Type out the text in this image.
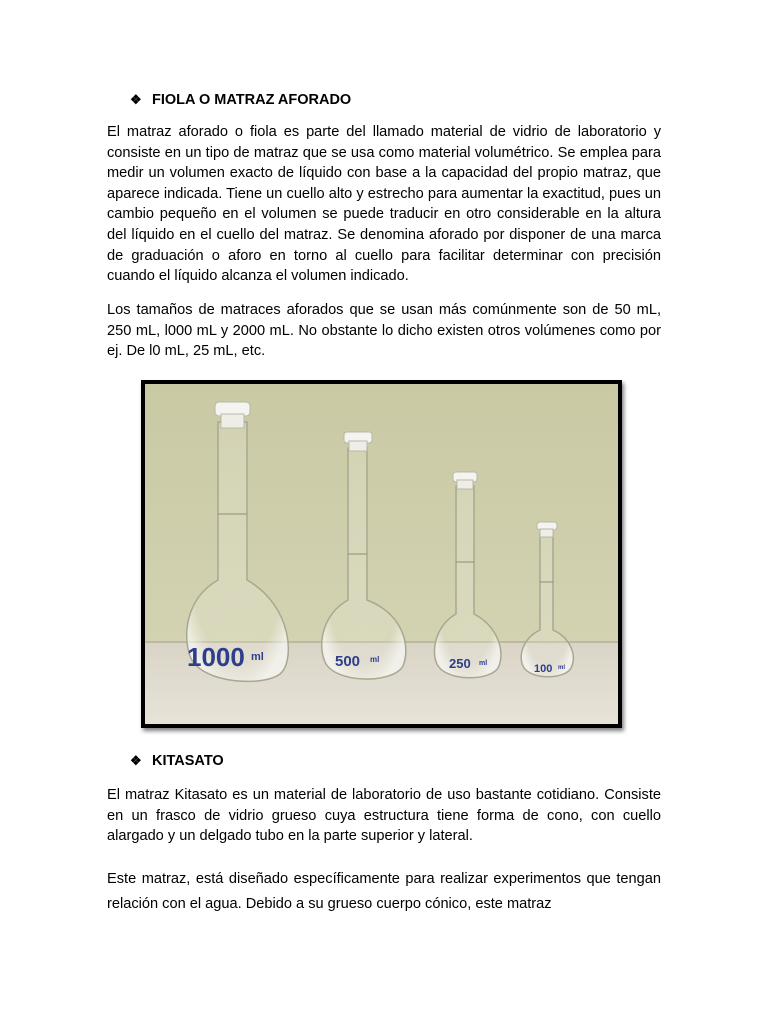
❖ FIOLA O MATRAZ AFORADO

El matraz aforado o fiola es parte del llamado material de vidrio de laboratorio y consiste en un tipo de matraz que se usa como material volumétrico. Se emplea para medir un volumen exacto de líquido con base a la capacidad del propio matraz, que aparece indicada. Tiene un cuello alto y estrecho para aumentar la exactitud, pues un cambio pequeño en el volumen se puede traducir en otro considerable en la altura del líquido en el cuello del matraz. Se denomina aforado por disponer de una marca de graduación o aforo en torno al cuello para facilitar determinar con precisión cuando el líquido alcanza el volumen indicado.

Los tamaños de matraces aforados que se usan más comúnmente son de 50 mL, 250 mL, l000 mL y 2000 mL. No obstante lo dicho existen otros volúmenes como por ej. De l0 mL, 25 mL, etc.

1000 ml	500 ml	250 ml	100 ml
❖ KITASATO

El matraz Kitasato es un material de laboratorio de uso bastante cotidiano. Consiste en un frasco de vidrio grueso cuya estructura tiene forma de cono, con cuello alargado y un delgado tubo en la parte superior y lateral.

Este matraz, está diseñado específicamente para realizar experimentos que tengan relación con el agua. Debido a su grueso cuerpo cónico, este matraz
